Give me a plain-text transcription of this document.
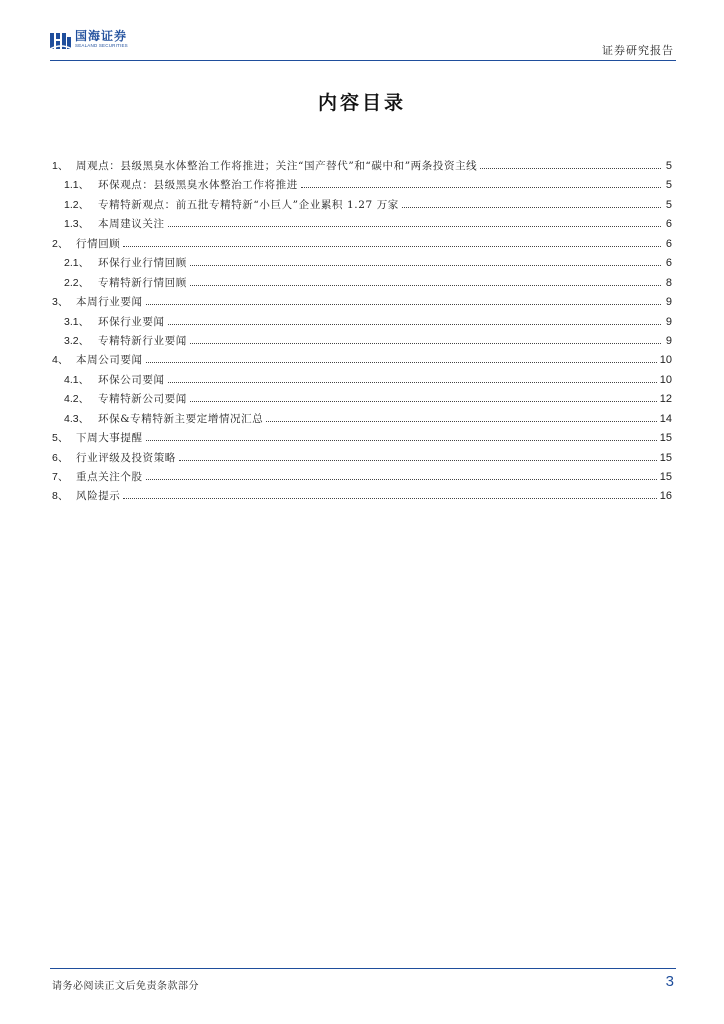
国海证券
SEALAND SECURITIES	证券研究报告
内容目录
1、 周观点：县级黑臭水体整治工作将推进；关注“国产替代”和“碳中和”两条投资主线	5
1.1、 环保观点：县级黑臭水体整治工作将推进	5
1.2、 专精特新观点：前五批专精特新“小巨人”企业累积 1.27 万家	5
1.3、 本周建议关注	6
2、 行情回顾	6
2.1、 环保行业行情回顾	6
2.2、 专精特新行情回顾	8
3、 本周行业要闻	9
3.1、 环保行业要闻	9
3.2、 专精特新行业要闻	9
4、 本周公司要闻	10
4.1、 环保公司要闻	10
4.2、 专精特新公司要闻	12
4.3、 环保&专精特新主要定增情况汇总	14
5、 下周大事提醒	15
6、 行业评级及投资策略	15
7、 重点关注个股	15
8、 风险提示	16
请务必阅读正文后免责条款部分	3
